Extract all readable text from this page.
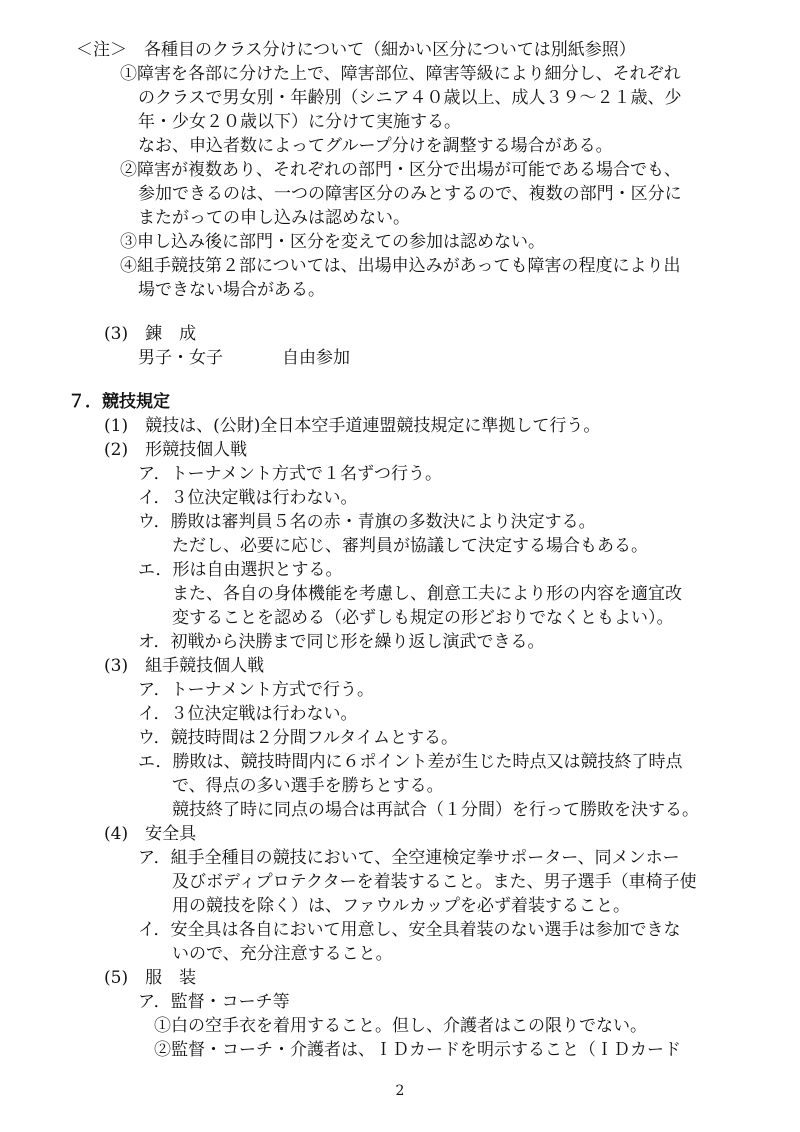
＜注＞　各種目のクラス分けについて（細かい区分については別紙参照）
①障害を各部に分けた上で、障害部位、障害等級により細分し、それぞれ
のクラスで男女別・年齢別（シニア４０歳以上、成人３９～２１歳、少
年・少女２０歳以下）に分けて実施する。
なお、申込者数によってグループ分けを調整する場合がある。
②障害が複数あり、それぞれの部門・区分で出場が可能である場合でも、
参加できるのは、一つの障害区分のみとするので、複数の部門・区分に
またがっての申し込みは認めない。
③申し込み後に部門・区分を変えての参加は認めない。
④組手競技第２部については、出場申込みがあっても障害の程度により出
場できない場合がある。
(3)　錬　成
男子・女子	自由参加
７．競技規定
(1)　競技は、(公財)全日本空手道連盟競技規定に準拠して行う。
(2)　形競技個人戦
ア．トーナメント方式で１名ずつ行う。
イ．３位決定戦は行わない。
ウ．勝敗は審判員５名の赤・青旗の多数決により決定する。
ただし、必要に応じ、審判員が協議して決定する場合もある。
エ．形は自由選択とする。
また、各自の身体機能を考慮し、創意工夫により形の内容を適宜改
変することを認める（必ずしも規定の形どおりでなくともよい）。
オ．初戦から決勝まで同じ形を繰り返し演武できる。
(3)　組手競技個人戦
ア．トーナメント方式で行う。
イ．３位決定戦は行わない。
ウ．競技時間は２分間フルタイムとする。
エ．勝敗は、競技時間内に６ポイント差が生じた時点又は競技終了時点
で、得点の多い選手を勝ちとする。
競技終了時に同点の場合は再試合（１分間）を行って勝敗を決する。
(4)　安全具
ア．組手全種目の競技において、全空連検定拳サポーター、同メンホー
及びボディプロテクターを着装すること。また、男子選手（車椅子使
用の競技を除く）は、ファウルカップを必ず着装すること。
イ．安全具は各自において用意し、安全具着装のない選手は参加できな
いので、充分注意すること。
(5)　服　装
ア．監督・コーチ等
①白の空手衣を着用すること。但し、介護者はこの限りでない。
②監督・コーチ・介護者は、ＩＤカードを明示すること（ＩＤカード
2
